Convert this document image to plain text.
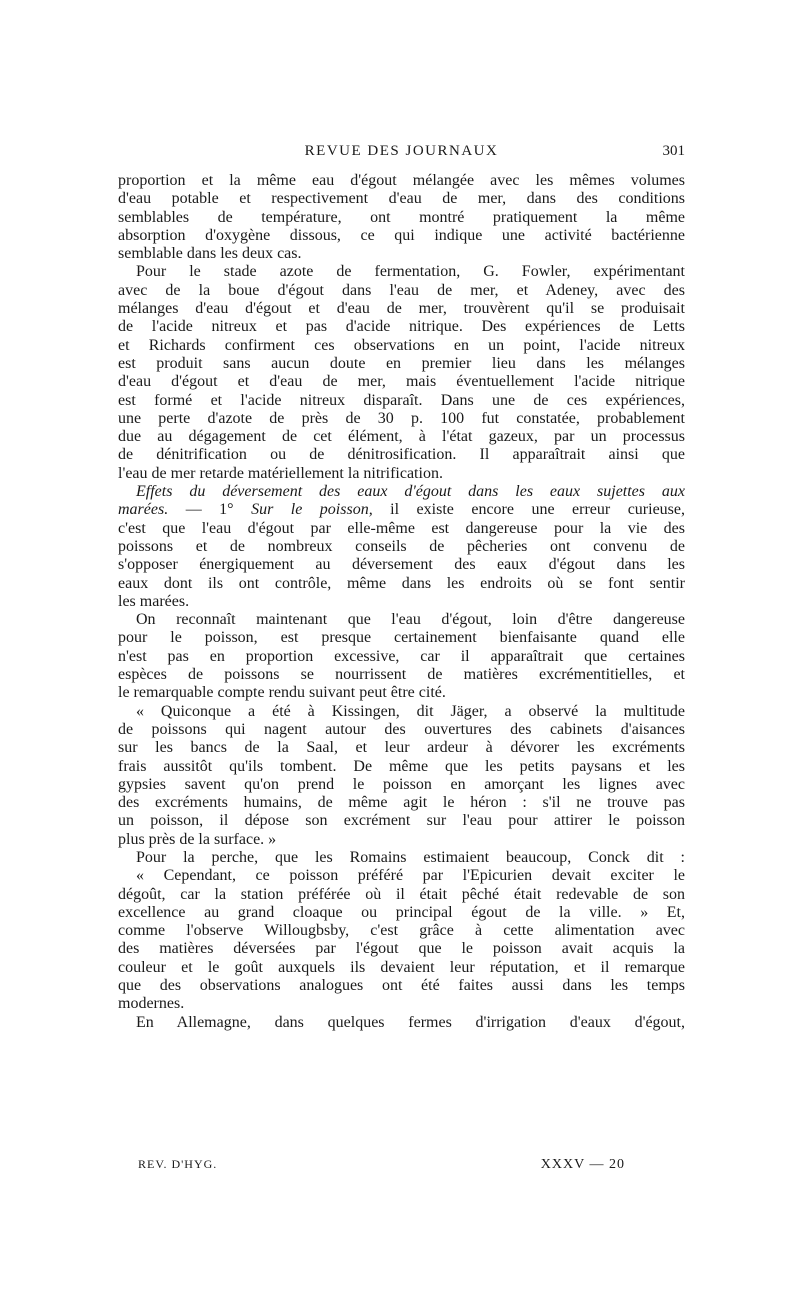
REVUE DES JOURNAUX	301
proportion et la même eau d'égout mélangée avec les mêmes volumes
d'eau potable et respectivement d'eau de mer, dans des conditions
semblables de température, ont montré pratiquement la même
absorption d'oxygène dissous, ce qui indique une activité bactérienne
semblable dans les deux cas.
Pour le stade azote de fermentation, G. Fowler, expérimentant
avec de la boue d'égout dans l'eau de mer, et Adeney, avec des
mélanges d'eau d'égout et d'eau de mer, trouvèrent qu'il se produisait
de l'acide nitreux et pas d'acide nitrique. Des expériences de Letts
et Richards confirment ces observations en un point, l'acide nitreux
est produit sans aucun doute en premier lieu dans les mélanges
d'eau d'égout et d'eau de mer, mais éventuellement l'acide nitrique
est formé et l'acide nitreux disparaît. Dans une de ces expériences,
une perte d'azote de près de 30 p. 100 fut constatée, probablement
due au dégagement de cet élément, à l'état gazeux, par un processus
de dénitrification ou de dénitrosification. Il apparaîtrait ainsi que
l'eau de mer retarde matériellement la nitrification.
Effets du déversement des eaux d'égout dans les eaux sujettes aux
marées. — 1° Sur le poisson, il existe encore une erreur curieuse,
c'est que l'eau d'égout par elle-même est dangereuse pour la vie des
poissons et de nombreux conseils de pêcheries ont convenu de
s'opposer énergiquement au déversement des eaux d'égout dans les
eaux dont ils ont contrôle, même dans les endroits où se font sentir
les marées.
On reconnaît maintenant que l'eau d'égout, loin d'être dangereuse
pour le poisson, est presque certainement bienfaisante quand elle
n'est pas en proportion excessive, car il apparaîtrait que certaines
espèces de poissons se nourrissent de matières excrémentitielles, et
le remarquable compte rendu suivant peut être cité.
« Quiconque a été à Kissingen, dit Jäger, a observé la multitude
de poissons qui nagent autour des ouvertures des cabinets d'aisances
sur les bancs de la Saal, et leur ardeur à dévorer les excréments
frais aussitôt qu'ils tombent. De même que les petits paysans et les
gypsies savent qu'on prend le poisson en amorçant les lignes avec
des excréments humains, de même agit le héron : s'il ne trouve pas
un poisson, il dépose son excrément sur l'eau pour attirer le poisson
plus près de la surface. »
Pour la perche, que les Romains estimaient beaucoup, Conck dit :
« Cependant, ce poisson préféré par l'Epicurien devait exciter le
dégoût, car la station préférée où il était pêché était redevable de son
excellence au grand cloaque ou principal égout de la ville. » Et,
comme l'observe Willougbsby, c'est grâce à cette alimentation avec
des matières déversées par l'égout que le poisson avait acquis la
couleur et le goût auxquels ils devaient leur réputation, et il remarque
que des observations analogues ont été faites aussi dans les temps
modernes.
En Allemagne, dans quelques fermes d'irrigation d'eaux d'égout,
REV. D'HYG.	XXXV — 20
